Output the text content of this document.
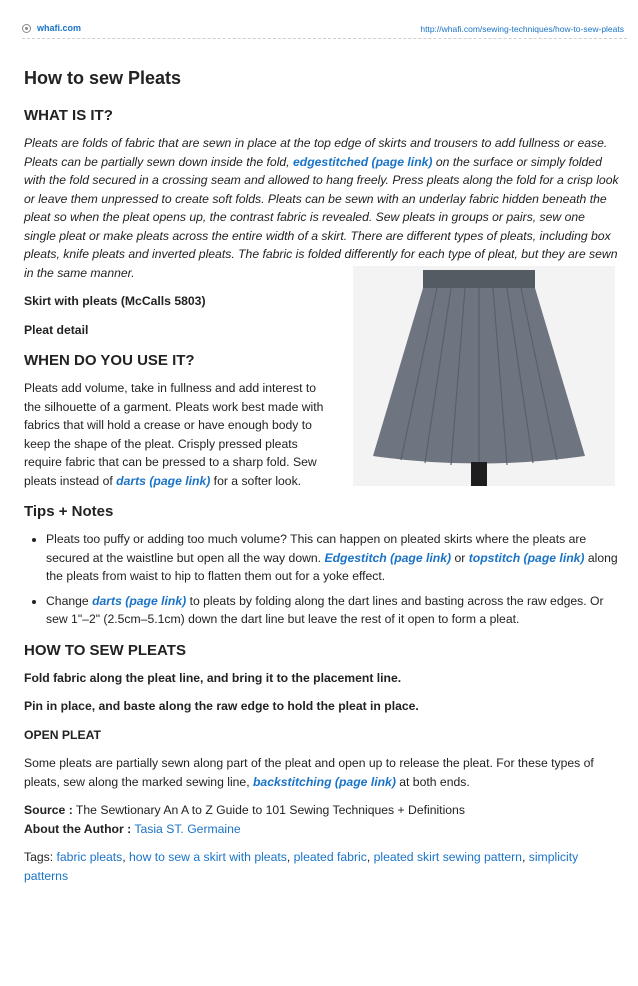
whafi.com	http://whafi.com/sewing-techniques/how-to-sew-pleats
How to sew Pleats
WHAT IS IT?

Pleats are folds of fabric that are sewn in place at the top edge of skirts and trousers to add fullness or ease. Pleats can be partially sewn down inside the fold, edgestitched (page link) on the surface or simply folded with the fold secured in a crossing seam and allowed to hang freely. Press pleats along the fold for a crisp look or leave them unpressed to create soft folds. Pleats can be sewn with an underlay fabric hidden beneath the pleat so when the pleat opens up, the contrast fabric is revealed. Sew pleats in groups or pairs, sew one single pleat or make pleats across the entire width of a skirt. There are different types of pleats, including box pleats, knife pleats and inverted pleats. The fabric is folded differently for each type of pleat, but they are sewn in the same manner.

Skirt with pleats (McCalls 5803)

Pleat detail

WHEN DO YOU USE IT?

Pleats add volume, take in fullness and add interest to the silhouette of a garment. Pleats work best made with fabrics that will hold a crease or have enough body to keep the shape of the pleat. Crisply pressed pleats require fabric that can be pressed to a sharp fold. Sew pleats instead of darts (page link) for a softer look.

Tips + Notes
• Pleats too puffy or adding too much volume? This can happen on pleated skirts where the pleats are secured at the waistline but open all the way down. Edgestitch (page link) or topstitch (page link) along the pleats from waist to hip to flatten them out for a yoke effect.
• Change darts (page link) to pleats by folding along the dart lines and basting across the raw edges. Or sew 1"–2" (2.5cm–5.1cm) down the dart line but leave the rest of it open to form a pleat.
HOW TO SEW PLEATS

Fold fabric along the pleat line, and bring it to the placement line.

Pin in place, and baste along the raw edge to hold the pleat in place.

OPEN PLEAT

Some pleats are partially sewn along part of the pleat and open up to release the pleat. For these types of pleats, sew along the marked sewing line, backstitching (page link) at both ends.

Source : The Sewtionary An A to Z Guide to 101 Sewing Techniques + Definitions
About the Author : Tasia ST. Germaine

Tags: fabric pleats, how to sew a skirt with pleats, pleated fabric, pleated skirt sewing pattern, simplicity patterns
